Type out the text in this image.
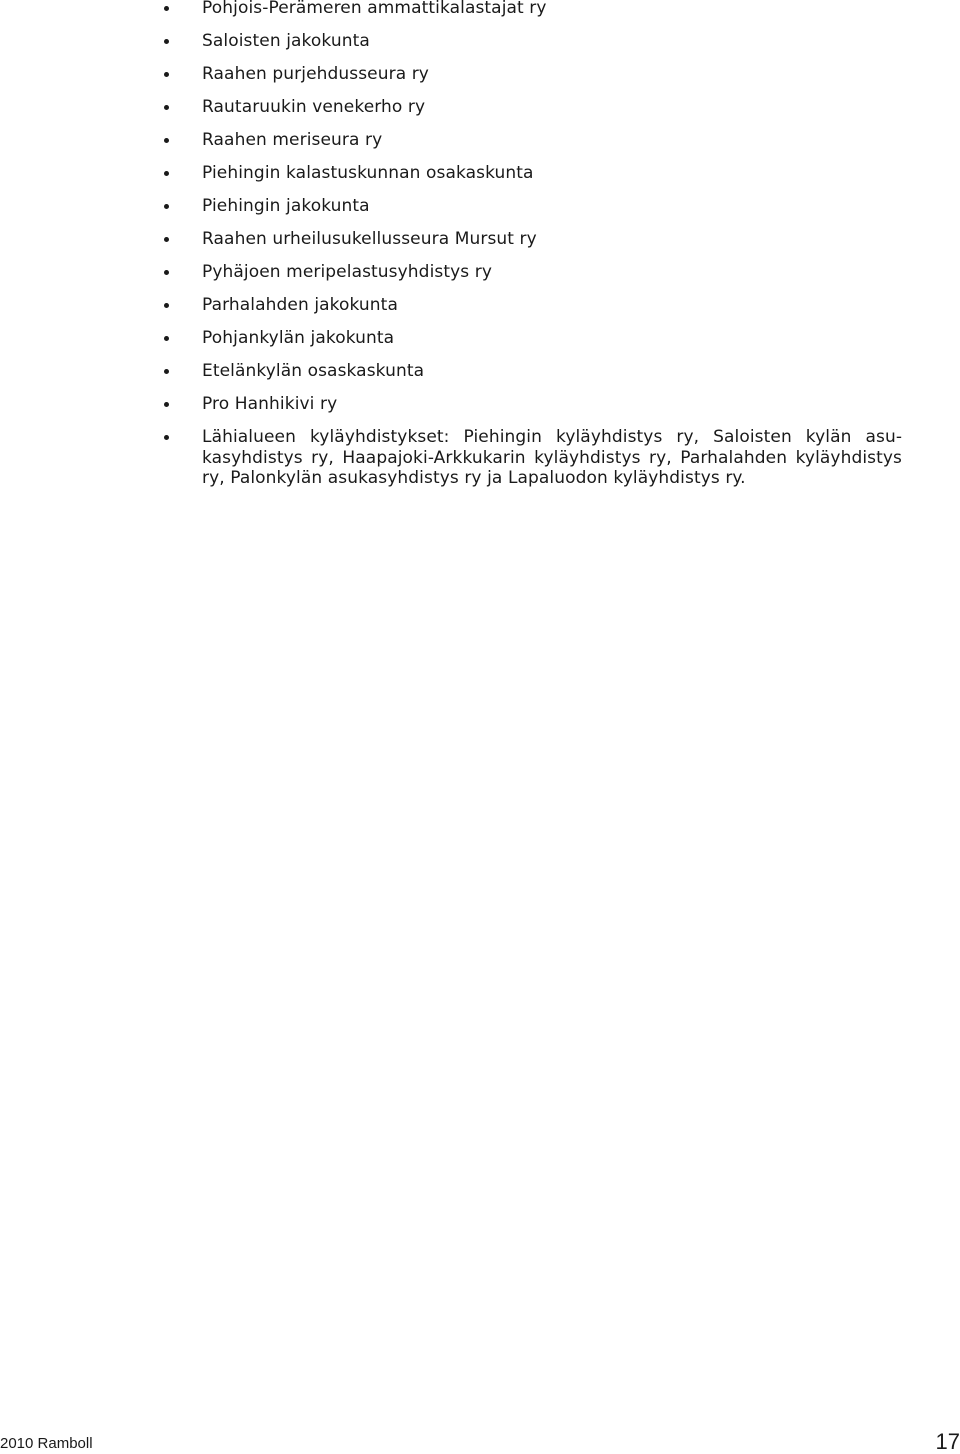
Pohjois-Perämeren ammattikalastajat ry
Saloisten jakokunta
Raahen purjehdusseura ry
Rautaruukin venekerho ry
Raahen meriseura ry
Piehingin kalastuskunnan osakaskunta
Piehingin jakokunta
Raahen urheilusukellusseura Mursut ry
Pyhäjoen meripelastusyhdistys ry
Parhalahden jakokunta
Pohjankylän jakokunta
Etelänkylän osaskaskunta
Pro Hanhikivi ry
Lähialueen kyläyhdistykset: Piehingin kyläyhdistys ry, Saloisten kylän asukasyhdistys ry, Haapajoki-Arkkukarin kyläyhdistys ry, Parhalahden kyläyhdistys ry, Palonkylän asukasyhdistys ry ja Lapaluodon kyläyhdistys ry.
2010 Ramboll	17
